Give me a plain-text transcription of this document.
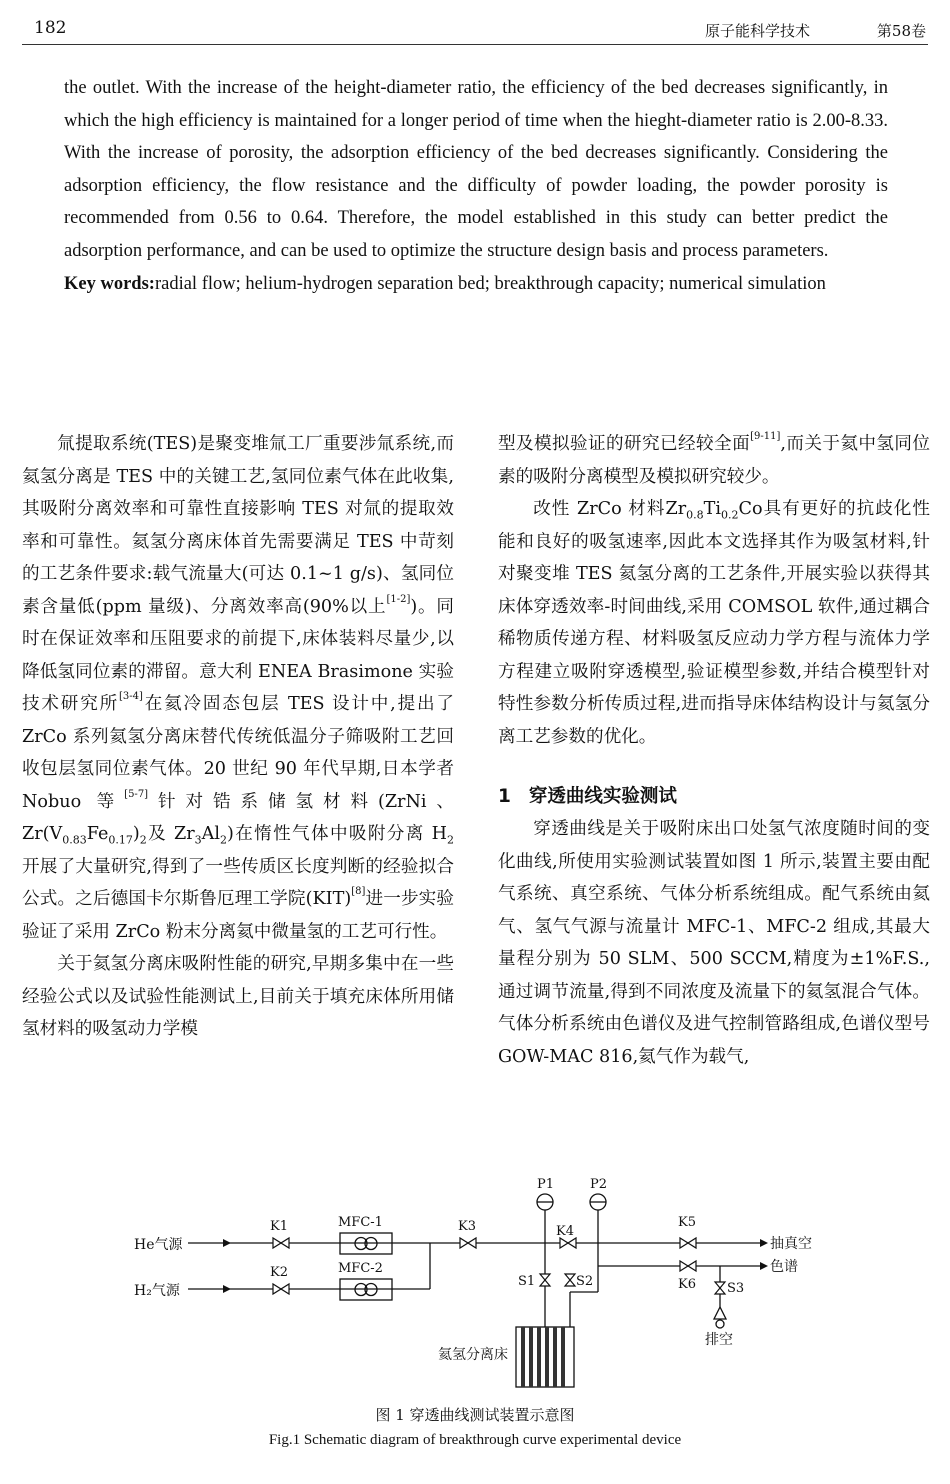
182	原子能科学技术	第58卷

the outlet. With the increase of the height-diameter ratio, the efficiency of the bed decreases significantly, in which the high efficiency is maintained for a longer period of time when the hieght-diameter ratio is 2.00-8.33. With the increase of porosity, the adsorption efficiency of the bed decreases significantly. Considering the adsorption efficiency, the flow resistance and the difficulty of powder loading, the powder porosity is recommended from 0.56 to 0.64. Therefore, the model established in this study can better predict the adsorption performance, and can be used to optimize the structure design basis and process parameters.

Key words:radial flow; helium-hydrogen separation bed; breakthrough capacity; numerical simulation

氚提取系统(TES)是聚变堆氚工厂重要涉氚系统,而氦氢分离是 TES 中的关键工艺,氢同位素气体在此收集,其吸附分离效率和可靠性直接影响 TES 对氚的提取效率和可靠性。氦氢分离床体首先需要满足 TES 中苛刻的工艺条件要求:载气流量大(可达 0.1~1 g/s)、氢同位素含量低(ppm 量级)、分离效率高(90%以上[1-2])。同时在保证效率和压阻要求的前提下,床体装料尽量少,以降低氢同位素的滞留。意大利 ENEA Brasimone 实验技术研究所[3-4]在氦冷固态包层 TES 设计中,提出了 ZrCo 系列氦氢分离床替代传统低温分子筛吸附工艺回收包层氢同位素气体。20 世纪 90 年代早期,日本学者 Nobuo 等[5-7]针对锆系储氢材料(ZrNi、$Zr(V_{0.83}Fe_{0.17})_2$及 $Zr_3Al_2$)在惰性气体中吸附分离 $H_2$ 开展了大量研究,得到了一些传质区长度判断的经验拟合公式。之后德国卡尔斯鲁厄理工学院(KIT)[8]进一步实验验证了采用 ZrCo 粉末分离氦中微量氢的工艺可行性。

关于氦氢分离床吸附性能的研究,早期多集中在一些经验公式以及试验性能测试上,目前关于填充床体所用储氢材料的吸氢动力学模

型及模拟验证的研究已经较全面[9-11],而关于氦中氢同位素的吸附分离模型及模拟研究较少。

改性 ZrCo 材料$Zr_{0.8}Ti_{0.2}Co$具有更好的抗歧化性能和良好的吸氢速率,因此本文选择其作为吸氢材料,针对聚变堆 TES 氦氢分离的工艺条件,开展实验以获得其床体穿透效率-时间曲线,采用 COMSOL 软件,通过耦合稀物质传递方程、材料吸氢反应动力学方程与流体力学方程建立吸附穿透模型,验证模型参数,并结合模型针对特性参数分析传质过程,进而指导床体结构设计与氦氢分离工艺参数的优化。

1 穿透曲线实验测试

穿透曲线是关于吸附床出口处氢气浓度随时间的变化曲线,所使用实验测试装置如图 1 所示,装置主要由配气系统、真空系统、气体分析系统组成。配气系统由氦气、氢气气源与流量计 MFC-1、MFC-2 组成,其最大量程分别为 50 SLM、500 SCCM,精度为±1%F.S.,通过调节流量,得到不同浓度及流量下的氦氢混合气体。气体分析系统由色谱仪及进气控制管路组成,色谱仪型号GOW-MAC 816,氦气作为载气,

He气源
H₂气源
K1
K2
K3	K4
K5
K6
MFC-1
MFC-2
P1	P2
S1	S2	S3
抽真空
色谱
排空
氦氢分离床
图 1 穿透曲线测试装置示意图
Fig.1 Schematic diagram of breakthrough curve experimental device
